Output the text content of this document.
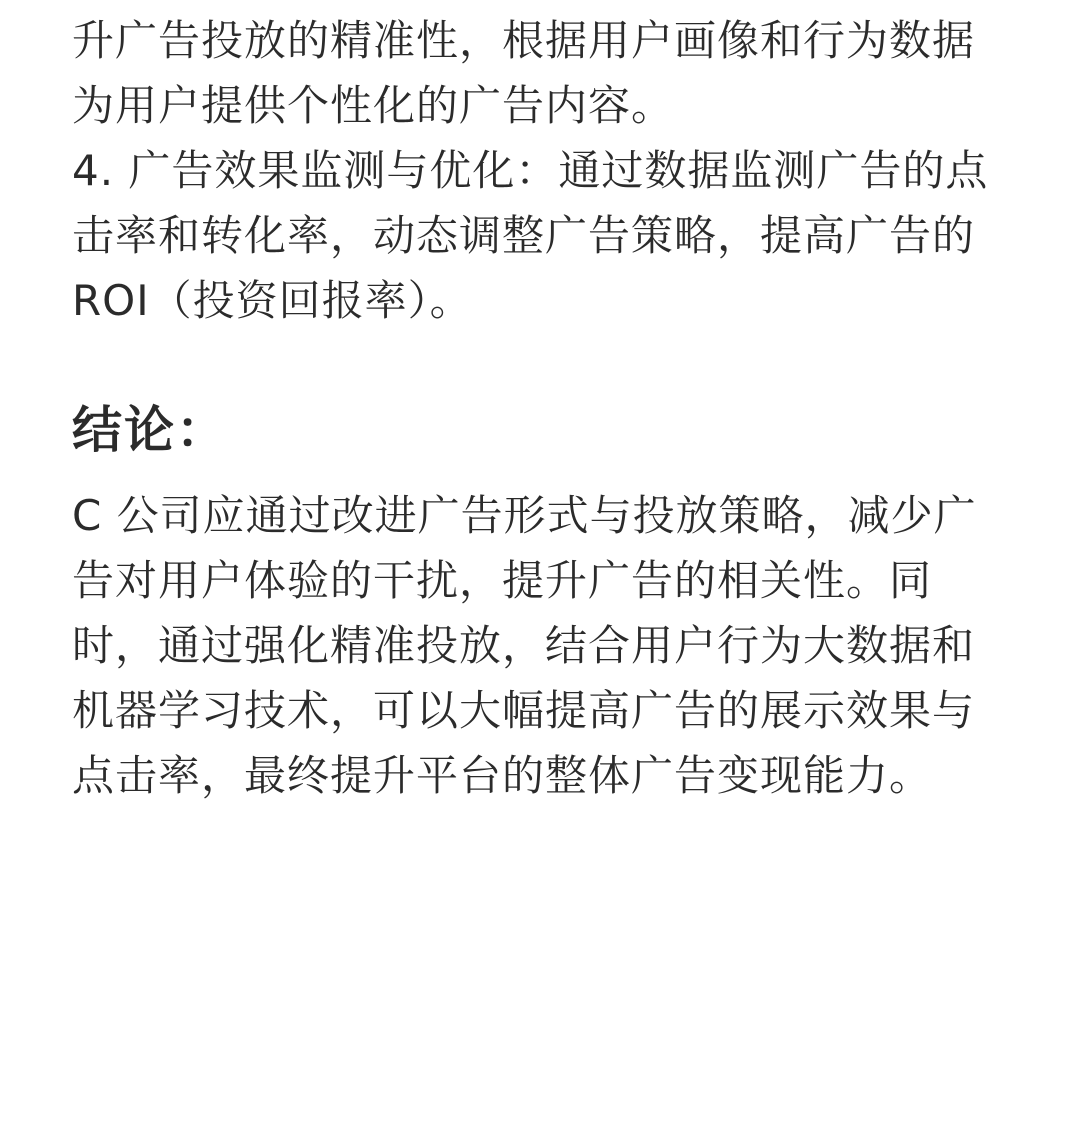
升广告投放的精准性，根据用户画像和行为数据
为用户提供个性化的广告内容。
4. 广告效果监测与优化：通过数据监测广告的点
击率和转化率，动态调整广告策略，提高广告的
ROI（投资回报率）。
结论：
C 公司应通过改进广告形式与投放策略，减少广
告对用户体验的干扰，提升广告的相关性。同
时，通过强化精准投放，结合用户行为大数据和
机器学习技术，可以大幅提高广告的展示效果与
点击率，最终提升平台的整体广告变现能力。
